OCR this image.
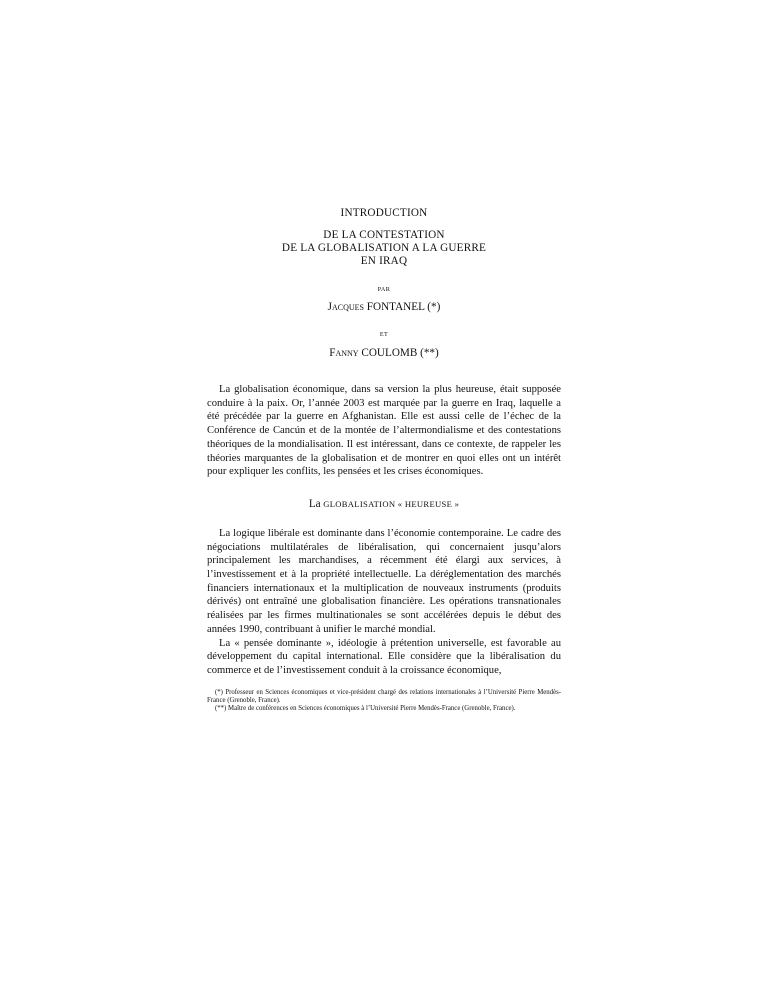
INTRODUCTION
DE LA CONTESTATION
DE LA GLOBALISATION A LA GUERRE
EN IRAQ
PAR
Jacques FONTANEL (*)
ET
Fanny COULOMB (**)

La globalisation économique, dans sa version la plus heureuse, était supposée conduire à la paix. Or, l’année 2003 est marquée par la guerre en Iraq, laquelle a été précédée par la guerre en Afghanistan. Elle est aussi celle de l’échec de la Conférence de Cancún et de la montée de l’altermondialisme et des contestations théoriques de la mondialisation. Il est intéressant, dans ce contexte, de rappeler les théories marquantes de la globalisation et de montrer en quoi elles ont un intérêt pour expliquer les conflits, les pensées et les crises économiques.

La GLOBALISATION « HEUREUSE »

La logique libérale est dominante dans l’économie contemporaine. Le cadre des négociations multilatérales de libéralisation, qui concernaient jusqu’alors principalement les marchandises, a récemment été élargi aux services, à l’investissement et à la propriété intellectuelle. La déréglementation des marchés financiers internationaux et la multiplication de nouveaux instruments (produits dérivés) ont entraîné une globalisation financière. Les opérations transnationales réalisées par les firmes multinationales se sont accélérées depuis le début des années 1990, contribuant à unifier le marché mondial.

La « pensée dominante », idéologie à prétention universelle, est favorable au développement du capital international. Elle considère que la libéralisation du commerce et de l’investissement conduit à la croissance économique,

(*) Professeur en Sciences économiques et vice-président chargé des relations internationales à l’Université Pierre Mendès-France (Grenoble, France).

(**) Maître de conférences en Sciences économiques à l’Université Pierre Mendès-France (Grenoble, France).
